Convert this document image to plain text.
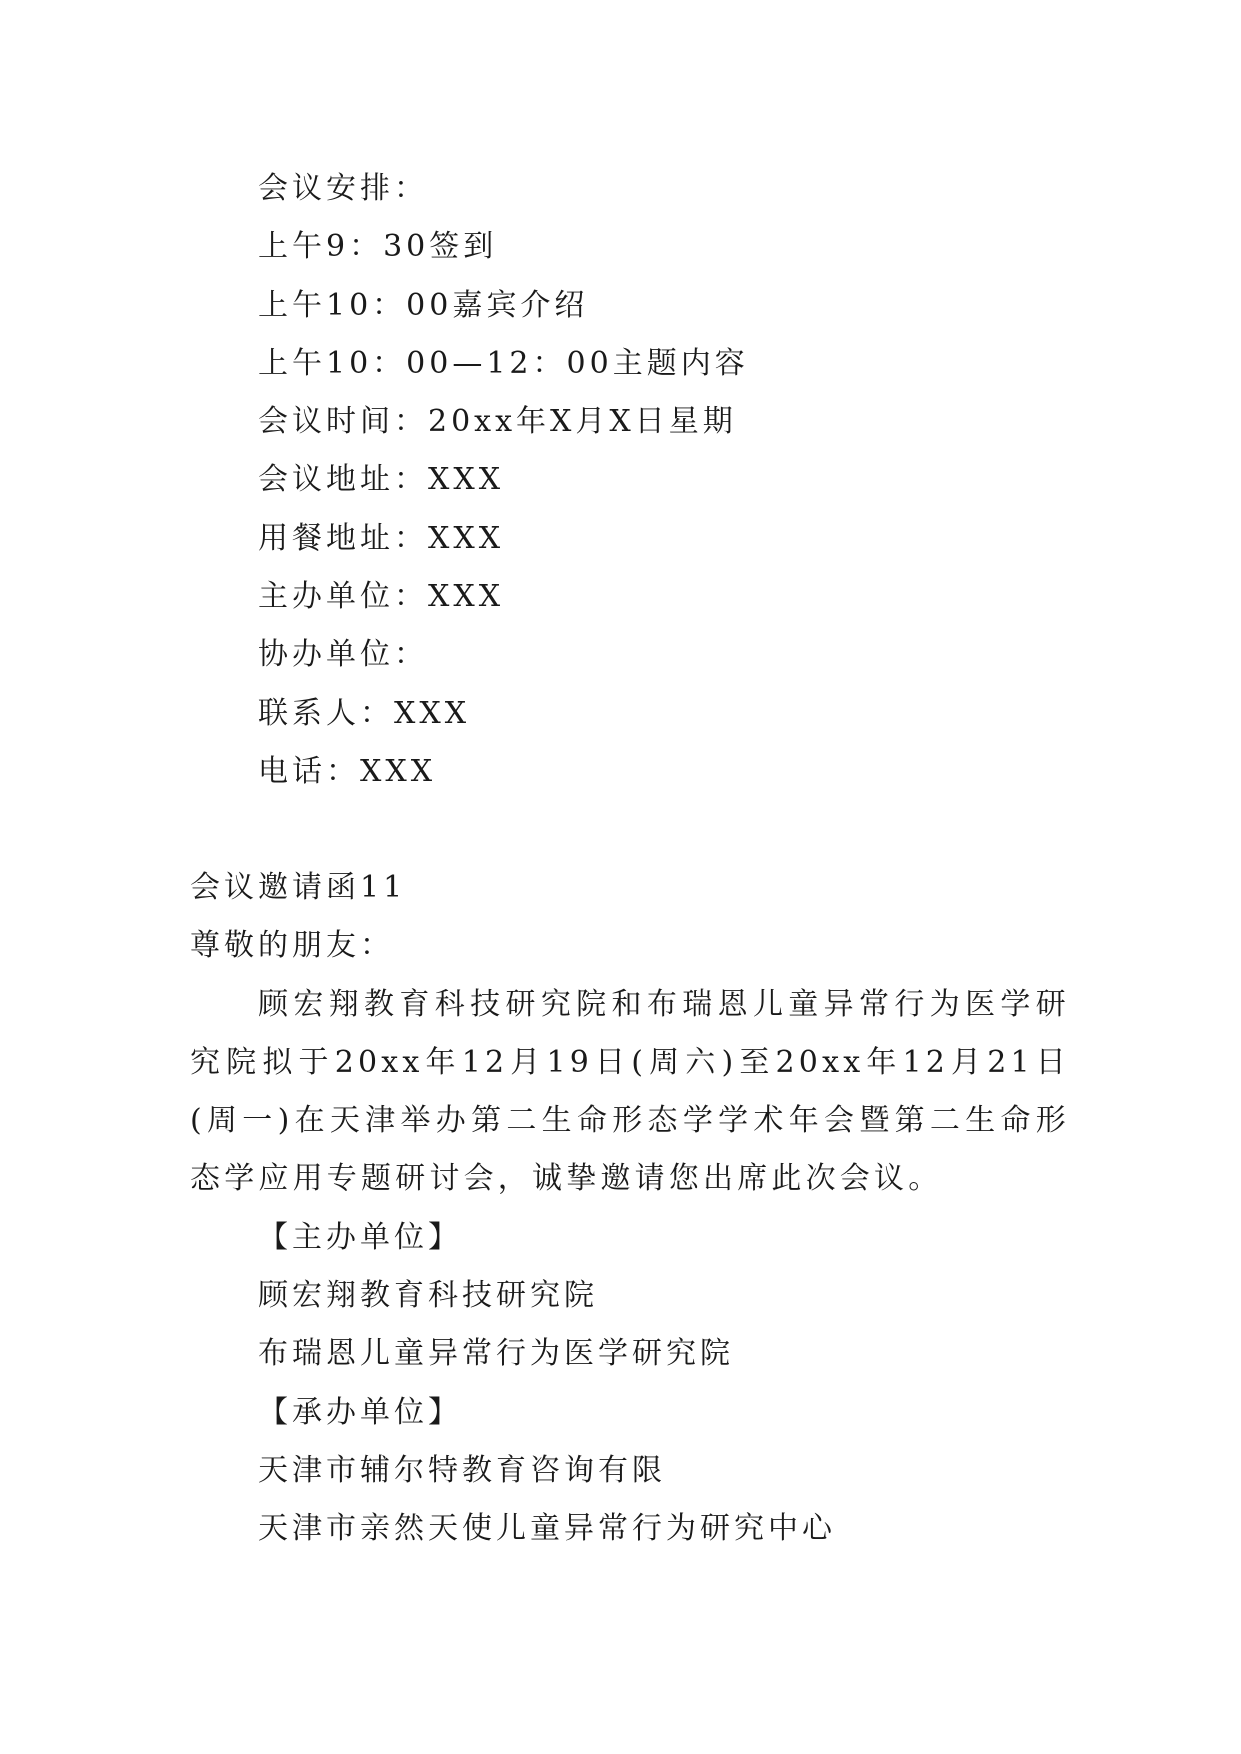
会议安排：
上午9：30签到
上午10：00嘉宾介绍
上午10：00—12：00主题内容
会议时间：20xx年X月X日星期
会议地址：XXX
用餐地址：XXX
主办单位：XXX
协办单位：
联系人：XXX
电话：XXX
会议邀请函11
尊敬的朋友：

顾宏翔教育科技研究院和布瑞恩儿童异常行为医学研究院拟于20xx年12月19日(周六)至20xx年12月21日(周一)在天津举办第二生命形态学学术年会暨第二生命形态学应用专题研讨会，诚挚邀请您出席此次会议。

【主办单位】
顾宏翔教育科技研究院
布瑞恩儿童异常行为医学研究院
【承办单位】
天津市辅尔特教育咨询有限
天津市亲然天使儿童异常行为研究中心
